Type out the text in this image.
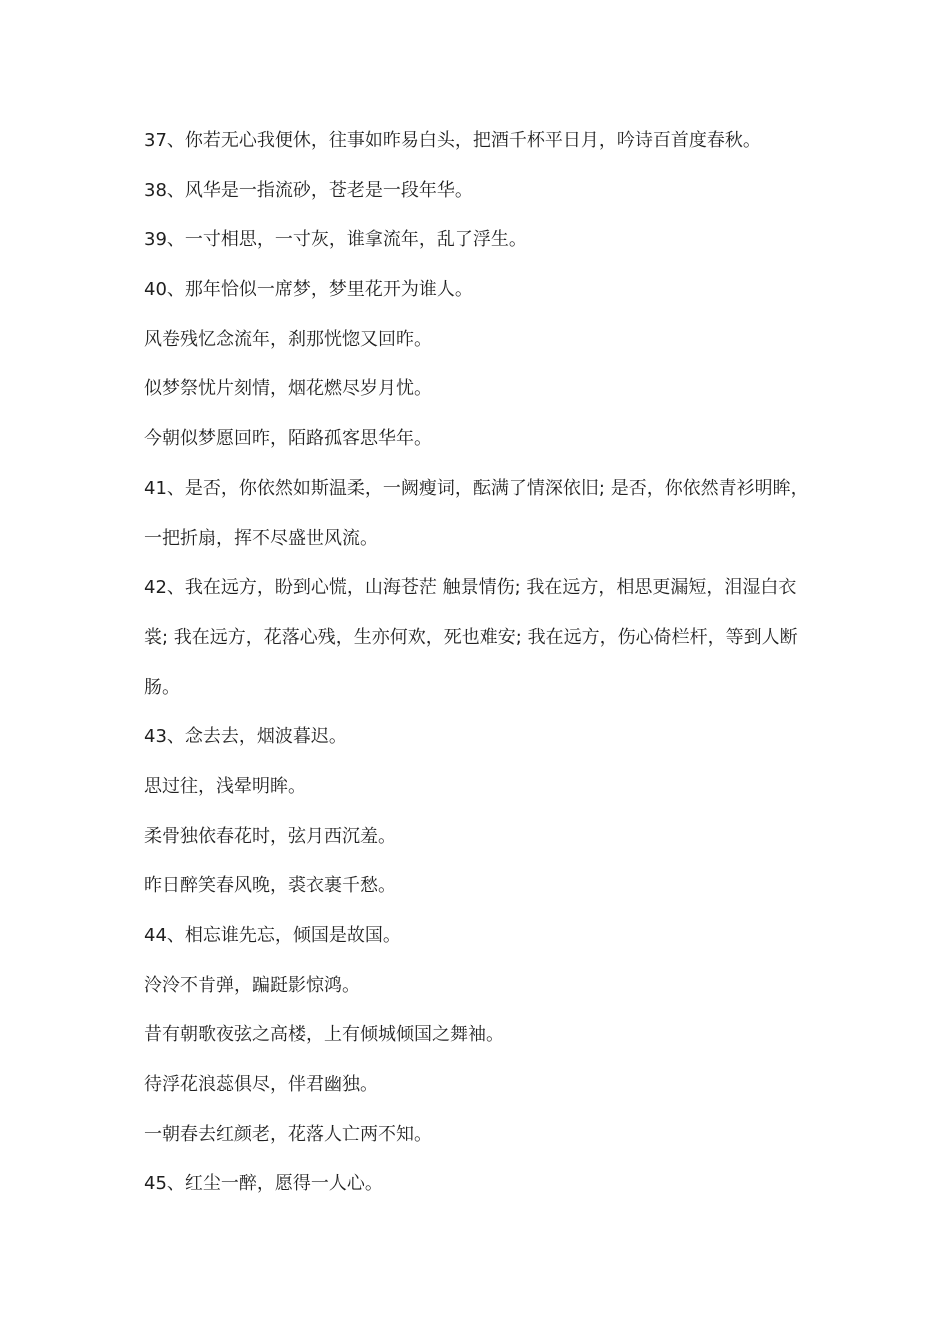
37、你若无心我便休，往事如昨易白头，把酒千杯平日月，吟诗百首度春秋。
38、风华是一指流砂，苍老是一段年华。
39、一寸相思，一寸灰，谁拿流年，乱了浮生。
40、那年恰似一席梦，梦里花开为谁人。
风卷残忆念流年，刹那恍惚又回昨。
似梦祭忧片刻情，烟花燃尽岁月忧。
今朝似梦愿回昨，陌路孤客思华年。
41、是否，你依然如斯温柔，一阙瘦词，酝满了情深依旧; 是否，你依然青衫明眸，
一把折扇，挥不尽盛世风流。
42、我在远方，盼到心慌，山海苍茫 触景情伤; 我在远方，相思更漏短，泪湿白衣
裳; 我在远方，花落心残，生亦何欢，死也难安; 我在远方，伤心倚栏杆，等到人断
肠。
43、念去去，烟波暮迟。
思过往，浅晕明眸。
柔骨独依春花时，弦月西沉羞。
昨日醉笑春风晚，裘衣裹千愁。
44、相忘谁先忘，倾国是故国。
泠泠不肯弹，蹁跹影惊鸿。
昔有朝歌夜弦之高楼，上有倾城倾国之舞袖。
待浮花浪蕊俱尽，伴君幽独。
一朝春去红颜老，花落人亡两不知。
45、红尘一醉，愿得一人心。
